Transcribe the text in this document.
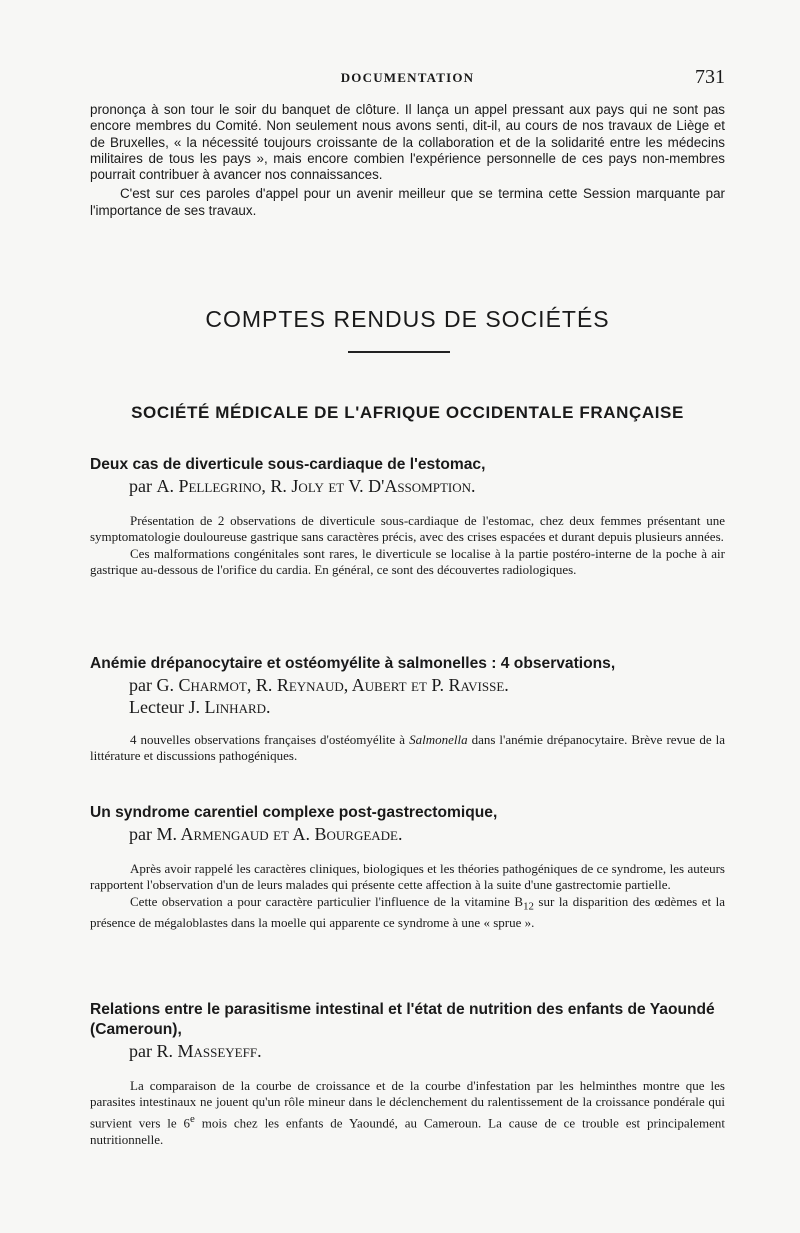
DOCUMENTATION	731

prononça à son tour le soir du banquet de clôture. Il lança un appel pressant aux pays qui ne sont pas encore membres du Comité. Non seulement nous avons senti, dit-il, au cours de nos travaux de Liège et de Bruxelles, « la nécessité toujours croissante de la collaboration et de la solidarité entre les médecins militaires de tous les pays », mais encore combien l'expérience personnelle de ces pays non-membres pourrait contribuer à avancer nos connaissances.

C'est sur ces paroles d'appel pour un avenir meilleur que se termina cette Session marquante par l'importance de ses travaux.

COMPTES RENDUS DE SOCIÉTÉS
SOCIÉTÉ MÉDICALE DE L'AFRIQUE OCCIDENTALE FRANÇAISE
Deux cas de diverticule sous-cardiaque de l'estomac,
par A. Pellegrino, R. Joly et V. D'Assomption.

Présentation de 2 observations de diverticule sous-cardiaque de l'estomac, chez deux femmes présentant une symptomatologie douloureuse gastrique sans caractères précis, avec des crises espacées et durant depuis plusieurs années.

Ces malformations congénitales sont rares, le diverticule se localise à la partie postéro-interne de la poche à air gastrique au-dessous de l'orifice du cardia. En général, ce sont des découvertes radiologiques.

Anémie drépanocytaire et ostéomyélite à salmonelles : 4 observations,
par G. Charmot, R. Reynaud, Aubert et P. Ravisse.
Lecteur J. Linhard.

4 nouvelles observations françaises d'ostéomyélite à Salmonella dans l'anémie drépanocytaire. Brève revue de la littérature et discussions pathogéniques.

Un syndrome carentiel complexe post-gastrectomique,
par M. Armengaud et A. Bourgeade.

Après avoir rappelé les caractères cliniques, biologiques et les théories pathogéniques de ce syndrome, les auteurs rapportent l'observation d'un de leurs malades qui présente cette affection à la suite d'une gastrectomie partielle.

Cette observation a pour caractère particulier l'influence de la vitamine $B_{12}$ sur la disparition des œdèmes et la présence de mégaloblastes dans la moelle qui apparente ce syndrome à une « sprue ».

Relations entre le parasitisme intestinal et l'état de nutrition des enfants de Yaoundé (Cameroun),
par R. Masseyeff.

La comparaison de la courbe de croissance et de la courbe d'infestation par les helminthes montre que les parasites intestinaux ne jouent qu'un rôle mineur dans le déclenchement du ralentissement de la croissance pondérale qui survient vers le 6e mois chez les enfants de Yaoundé, au Cameroun. La cause de ce trouble est principalement nutritionnelle.
